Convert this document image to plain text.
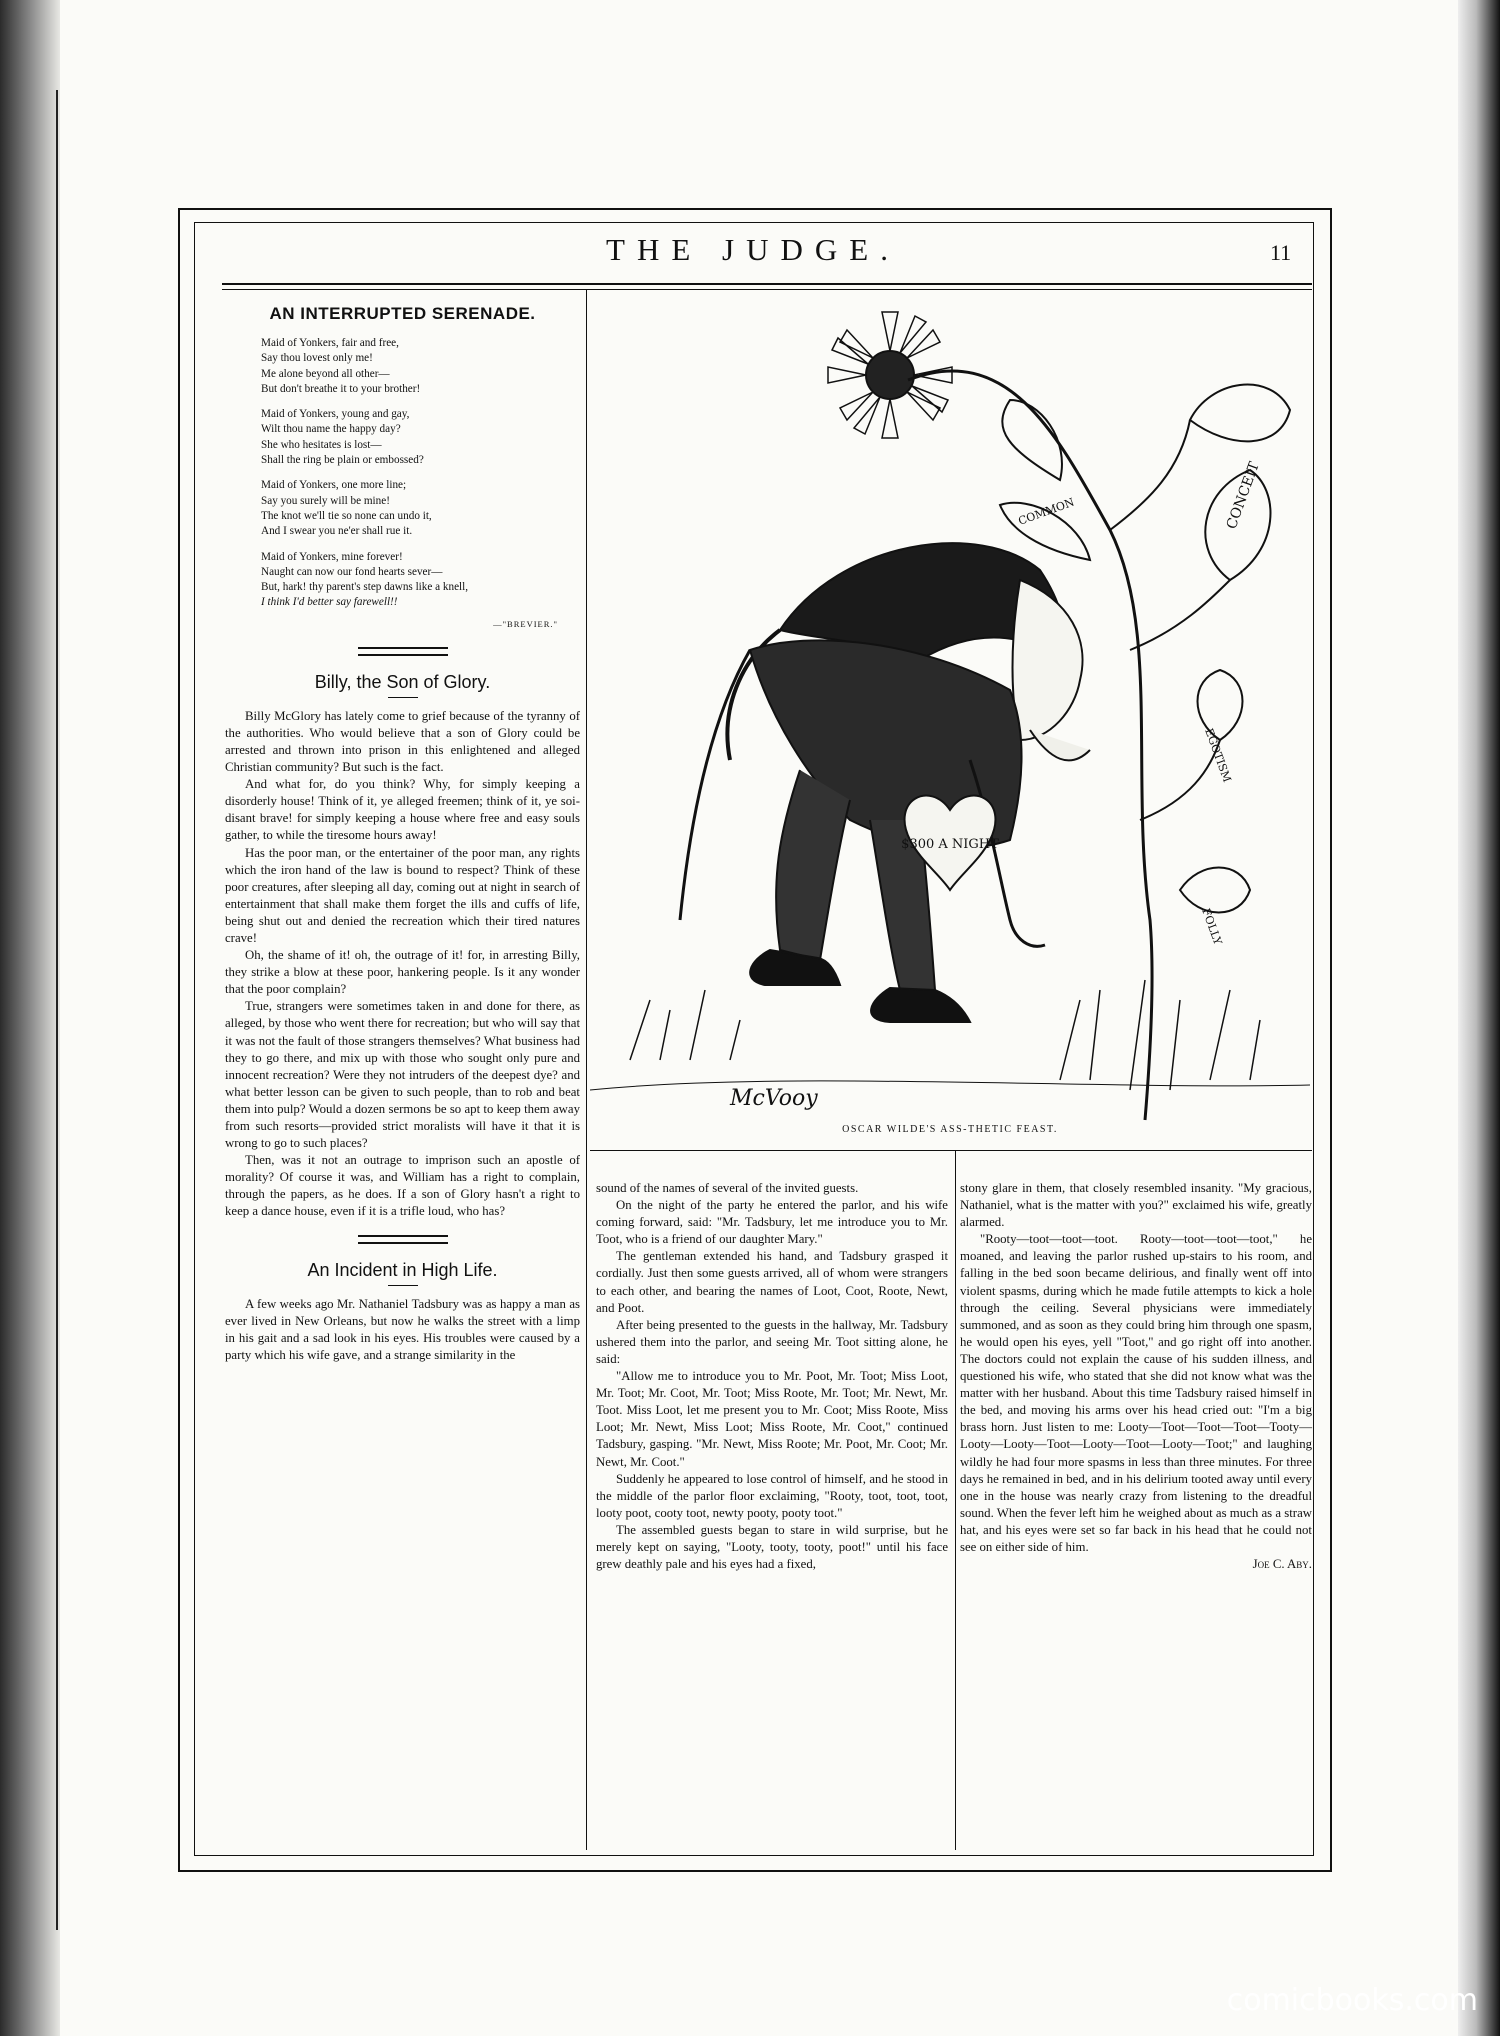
THE JUDGE.	11
AN INTERRUPTED SERENADE.
Maid of Yonkers, fair and free,
Say thou lovest only me!
Me alone beyond all other—
But don't breathe it to your brother!
Maid of Yonkers, young and gay,
Wilt thou name the happy day?
She who hesitates is lost—
Shall the ring be plain or embossed?
Maid of Yonkers, one more line;
Say you surely will be mine!
The knot we'll tie so none can undo it,
And I swear you ne'er shall rue it.
Maid of Yonkers, mine forever!
Naught can now our fond hearts sever—
But, hark! thy parent's step dawns like a knell,
I think I'd better say farewell!!
—"BREVIER."
Billy, the Son of Glory.

Billy McGlory has lately come to grief because of the tyranny of the authorities. Who would believe that a son of Glory could be arrested and thrown into prison in this enlightened and alleged Christian community? But such is the fact.

And what for, do you think? Why, for simply keeping a disorderly house! Think of it, ye alleged freemen; think of it, ye soi-disant brave! for simply keeping a house where free and easy souls gather, to while the tiresome hours away!

Has the poor man, or the entertainer of the poor man, any rights which the iron hand of the law is bound to respect? Think of these poor creatures, after sleeping all day, coming out at night in search of entertainment that shall make them forget the ills and cuffs of life, being shut out and denied the recreation which their tired natures crave!

Oh, the shame of it! oh, the outrage of it! for, in arresting Billy, they strike a blow at these poor, hankering people. Is it any wonder that the poor complain?

True, strangers were sometimes taken in and done for there, as alleged, by those who went there for recreation; but who will say that it was not the fault of those strangers themselves? What business had they to go there, and mix up with those who sought only pure and innocent recreation? Were they not intruders of the deepest dye? and what better lesson can be given to such people, than to rob and beat them into pulp? Would a dozen sermons be so apt to keep them away from such resorts—provided strict moralists will have it that it is wrong to go to such places?

Then, was it not an outrage to imprison such an apostle of morality? Of course it was, and William has a right to complain, through the papers, as he does. If a son of Glory hasn't a right to keep a dance house, even if it is a trifle loud, who has?

An Incident in High Life.

A few weeks ago Mr. Nathaniel Tadsbury was as happy a man as ever lived in New Orleans, but now he walks the street with a limp in his gait and a sad look in his eyes. His troubles were caused by a party which his wife gave, and a strange similarity in the

CONCEIT
COMMON
EGOTISM
FOLLY
$300 A NIGHT
McVooy
OSCAR WILDE'S ASS-THETIC FEAST.

sound of the names of several of the invited guests.

On the night of the party he entered the parlor, and his wife coming forward, said: "Mr. Tadsbury, let me introduce you to Mr. Toot, who is a friend of our daughter Mary."

The gentleman extended his hand, and Tadsbury grasped it cordially. Just then some guests arrived, all of whom were strangers to each other, and bearing the names of Loot, Coot, Roote, Newt, and Poot.

After being presented to the guests in the hallway, Mr. Tadsbury ushered them into the parlor, and seeing Mr. Toot sitting alone, he said:

"Allow me to introduce you to Mr. Poot, Mr. Toot; Miss Loot, Mr. Toot; Mr. Coot, Mr. Toot; Miss Roote, Mr. Toot; Mr. Newt, Mr. Toot. Miss Loot, let me present you to Mr. Coot; Miss Roote, Miss Loot; Mr. Newt, Miss Loot; Miss Roote, Mr. Coot," continued Tadsbury, gasping. "Mr. Newt, Miss Roote; Mr. Poot, Mr. Coot; Mr. Newt, Mr. Coot."

Suddenly he appeared to lose control of himself, and he stood in the middle of the parlor floor exclaiming, "Rooty, toot, toot, toot, looty poot, cooty toot, newty pooty, pooty toot."

The assembled guests began to stare in wild surprise, but he merely kept on saying, "Looty, tooty, tooty, poot!" until his face grew deathly pale and his eyes had a fixed,

stony glare in them, that closely resembled insanity. "My gracious, Nathaniel, what is the matter with you?" exclaimed his wife, greatly alarmed.

"Rooty—toot—toot—toot. Rooty—toot—toot—toot," he moaned, and leaving the parlor rushed up-stairs to his room, and falling in the bed soon became delirious, and finally went off into violent spasms, during which he made futile attempts to kick a hole through the ceiling. Several physicians were immediately summoned, and as soon as they could bring him through one spasm, he would open his eyes, yell "Toot," and go right off into another. The doctors could not explain the cause of his sudden illness, and questioned his wife, who stated that she did not know what was the matter with her husband. About this time Tadsbury raised himself in the bed, and moving his arms over his head cried out: "I'm a big brass horn. Just listen to me: Looty—Toot—Toot—Toot—Tooty—Looty—Looty—Toot—Looty—Toot—Looty—Toot;" and laughing wildly he had four more spasms in less than three minutes. For three days he remained in bed, and in his delirium tooted away until every one in the house was nearly crazy from listening to the dreadful sound. When the fever left him he weighed about as much as a straw hat, and his eyes were set so far back in his head that he could not see on either side of him.

Joe C. Aby.
comicbooks.com
